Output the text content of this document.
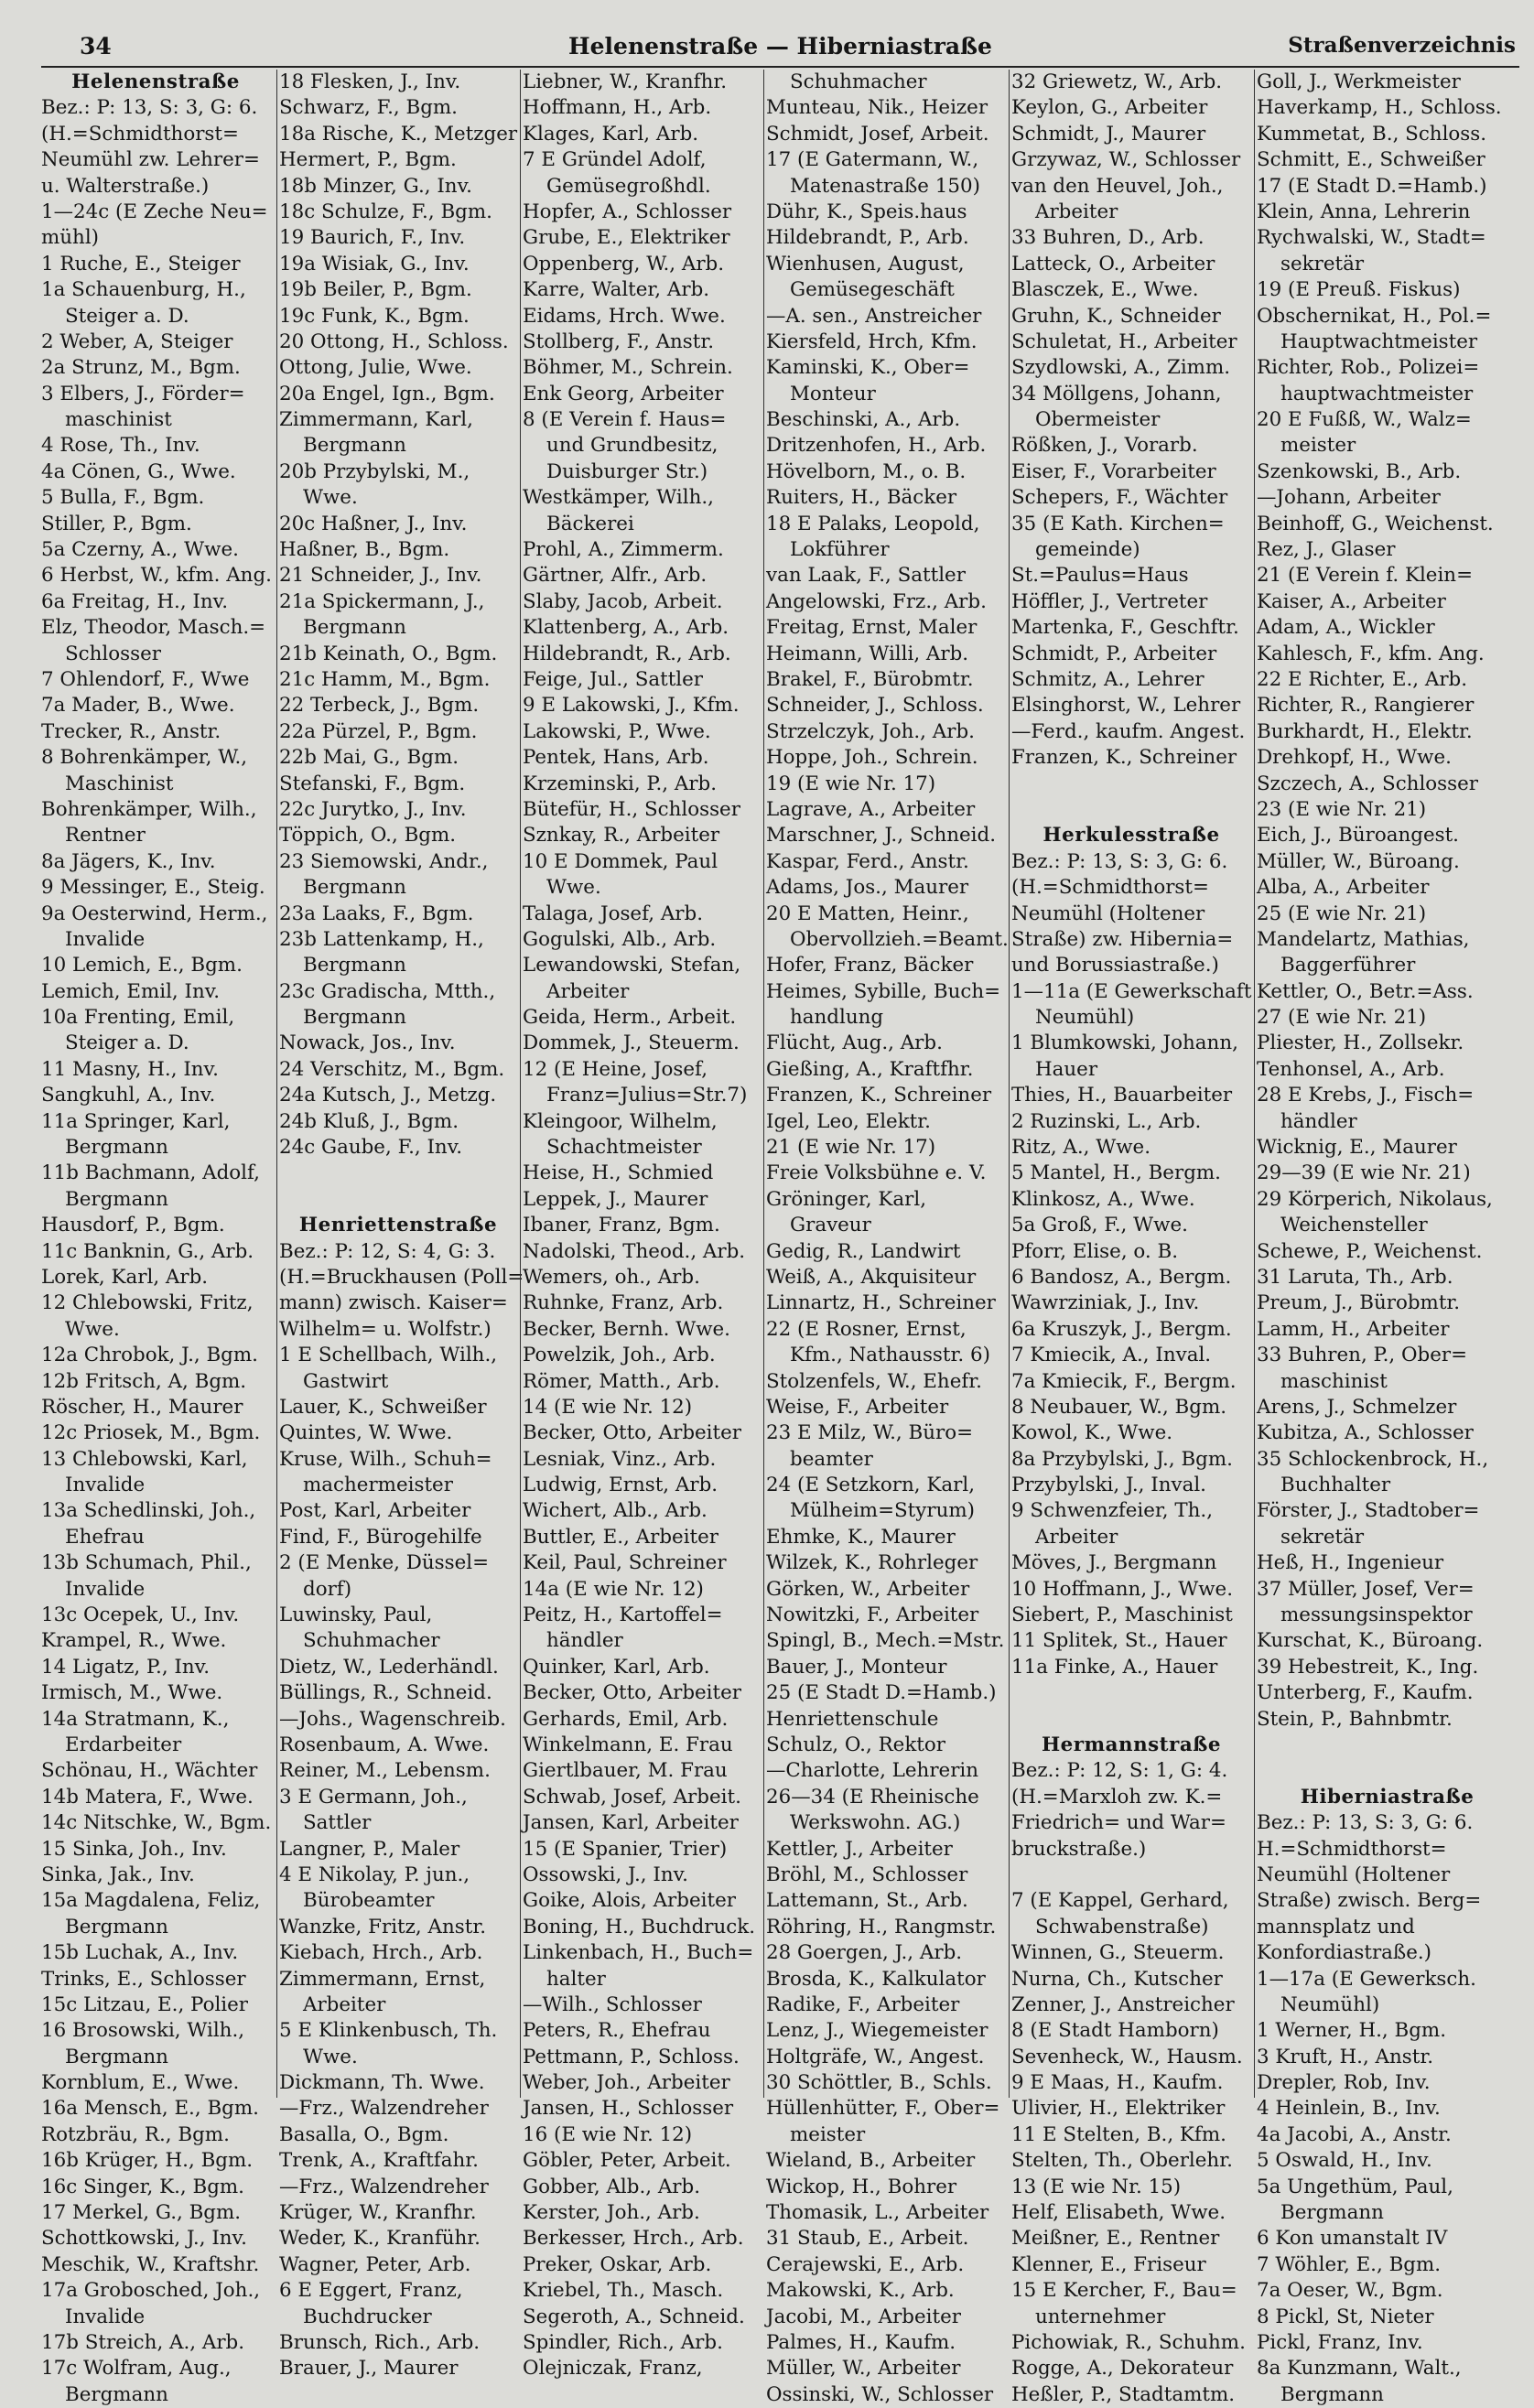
34	Helenenstraße — Hiberniastraße	Straßenverzeichnis
Helenenstraße
Bez.: P: 13, S: 3, G: 6.
(H.=Schmidthorst=
Neumühl zw. Lehrer=
u. Walterstraße.)
1—24c (E Zeche Neu=
mühl)
1 Ruche, E., Steiger
1a Schauenburg, H.,
Steiger a. D.
2 Weber, A, Steiger
2a Strunz, M., Bgm.
3 Elbers, J., Förder=
maschinist
4 Rose, Th., Inv.
4a Cönen, G., Wwe.
5 Bulla, F., Bgm.
Stiller, P., Bgm.
5a Czerny, A., Wwe.
6 Herbst, W., kfm. Ang.
6a Freitag, H., Inv.
Elz, Theodor, Masch.=
Schlosser
7 Ohlendorf, F., Wwe
7a Mader, B., Wwe.
Trecker, R., Anstr.
8 Bohrenkämper, W.,
Maschinist
Bohrenkämper, Wilh.,
Rentner
8a Jägers, K., Inv.
9 Messinger, E., Steig.
9a Oesterwind, Herm.,
Invalide
10 Lemich, E., Bgm.
Lemich, Emil, Inv.
10a Frenting, Emil,
Steiger a. D.
11 Masny, H., Inv.
Sangkuhl, A., Inv.
11a Springer, Karl,
Bergmann
11b Bachmann, Adolf,
Bergmann
Hausdorf, P., Bgm.
11c Banknin, G., Arb.
Lorek, Karl, Arb.
12 Chlebowski, Fritz,
Wwe.
12a Chrobok, J., Bgm.
12b Fritsch, A, Bgm.
Röscher, H., Maurer
12c Priosek, M., Bgm.
13 Chlebowski, Karl,
Invalide
13a Schedlinski, Joh.,
Ehefrau
13b Schumach, Phil.,
Invalide
13c Ocepek, U., Inv.
Krampel, R., Wwe.
14 Ligatz, P., Inv.
Irmisch, M., Wwe.
14a Stratmann, K.,
Erdarbeiter
Schönau, H., Wächter
14b Matera, F., Wwe.
14c Nitschke, W., Bgm.
15 Sinka, Joh., Inv.
Sinka, Jak., Inv.
15a Magdalena, Feliz,
Bergmann
15b Luchak, A., Inv.
Trinks, E., Schlosser
15c Litzau, E., Polier
16 Brosowski, Wilh.,
Bergmann
Kornblum, E., Wwe.
16a Mensch, E., Bgm.
Rotzbräu, R., Bgm.
16b Krüger, H., Bgm.
16c Singer, K., Bgm.
17 Merkel, G., Bgm.
Schottkowski, J., Inv.
Meschik, W., Kraftshr.
17a Grobosched, Joh.,
Invalide
17b Streich, A., Arb.
17c Wolfram, Aug.,
Bergmann
18 Flesken, J., Inv.
Schwarz, F., Bgm.
18a Rische, K., Metzger
Hermert, P., Bgm.
18b Minzer, G., Inv.
18c Schulze, F., Bgm.
19 Baurich, F., Inv.
19a Wisiak, G., Inv.
19b Beiler, P., Bgm.
19c Funk, K., Bgm.
20 Ottong, H., Schloss.
Ottong, Julie, Wwe.
20a Engel, Ign., Bgm.
Zimmermann, Karl,
Bergmann
20b Przybylski, M.,
Wwe.
20c Haßner, J., Inv.
Haßner, B., Bgm.
21 Schneider, J., Inv.
21a Spickermann, J.,
Bergmann
21b Keinath, O., Bgm.
21c Hamm, M., Bgm.
22 Terbeck, J., Bgm.
22a Pürzel, P., Bgm.
22b Mai, G., Bgm.
Stefanski, F., Bgm.
22c Jurytko, J., Inv.
Töppich, O., Bgm.
23 Siemowski, Andr.,
Bergmann
23a Laaks, F., Bgm.
23b Lattenkamp, H.,
Bergmann
23c Gradischa, Mtth.,
Bergmann
Nowack, Jos., Inv.
24 Verschitz, M., Bgm.
24a Kutsch, J., Metzg.
24b Kluß, J., Bgm.
24c Gaube, F., Inv.
Henriettenstraße
Bez.: P: 12, S: 4, G: 3.
(H.=Bruckhausen (Poll=
mann) zwisch. Kaiser=
Wilhelm= u. Wolfstr.)
1 E Schellbach, Wilh.,
Gastwirt
Lauer, K., Schweißer
Quintes, W. Wwe.
Kruse, Wilh., Schuh=
machermeister
Post, Karl, Arbeiter
Find, F., Bürogehilfe
2 (E Menke, Düssel=
dorf)
Luwinsky, Paul,
Schuhmacher
Dietz, W., Lederhändl.
Büllings, R., Schneid.
—Johs., Wagenschreib.
Rosenbaum, A. Wwe.
Reiner, M., Lebensm.
3 E Germann, Joh.,
Sattler
Langner, P., Maler
4 E Nikolay, P. jun.,
Bürobeamter
Wanzke, Fritz, Anstr.
Kiebach, Hrch., Arb.
Zimmermann, Ernst,
Arbeiter
5 E Klinkenbusch, Th.
Wwe.
Dickmann, Th. Wwe.
—Frz., Walzendreher
Basalla, O., Bgm.
Trenk, A., Kraftfahr.
—Frz., Walzendreher
Krüger, W., Kranfhr.
Weder, K., Kranführ.
Wagner, Peter, Arb.
6 E Eggert, Franz,
Buchdrucker
Brunsch, Rich., Arb.
Brauer, J., Maurer
Liebner, W., Kranfhr.
Hoffmann, H., Arb.
Klages, Karl, Arb.
7 E Gründel Adolf,
Gemüsegroßhdl.
Hopfer, A., Schlosser
Grube, E., Elektriker
Oppenberg, W., Arb.
Karre, Walter, Arb.
Eidams, Hrch. Wwe.
Stollberg, F., Anstr.
Böhmer, M., Schrein.
Enk Georg, Arbeiter
8 (E Verein f. Haus=
und Grundbesitz,
Duisburger Str.)
Westkämper, Wilh.,
Bäckerei
Prohl, A., Zimmerm.
Gärtner, Alfr., Arb.
Slaby, Jacob, Arbeit.
Klattenberg, A., Arb.
Hildebrandt, R., Arb.
Feige, Jul., Sattler
9 E Lakowski, J., Kfm.
Lakowski, P., Wwe.
Pentek, Hans, Arb.
Krzeminski, P., Arb.
Bütefür, H., Schlosser
Sznkay, R., Arbeiter
10 E Dommek, Paul
Wwe.
Talaga, Josef, Arb.
Gogulski, Alb., Arb.
Lewandowski, Stefan,
Arbeiter
Geida, Herm., Arbeit.
Dommek, J., Steuerm.
12 (E Heine, Josef,
Franz=Julius=Str.7)
Kleingoor, Wilhelm,
Schachtmeister
Heise, H., Schmied
Leppek, J., Maurer
Ibaner, Franz, Bgm.
Nadolski, Theod., Arb.
Wemers, oh., Arb.
Ruhnke, Franz, Arb.
Becker, Bernh. Wwe.
Powelzik, Joh., Arb.
Römer, Matth., Arb.
14 (E wie Nr. 12)
Becker, Otto, Arbeiter
Lesniak, Vinz., Arb.
Ludwig, Ernst, Arb.
Wichert, Alb., Arb.
Buttler, E., Arbeiter
Keil, Paul, Schreiner
14a (E wie Nr. 12)
Peitz, H., Kartoffel=
händler
Quinker, Karl, Arb.
Becker, Otto, Arbeiter
Gerhards, Emil, Arb.
Winkelmann, E. Frau
Giertlbauer, M. Frau
Schwab, Josef, Arbeit.
Jansen, Karl, Arbeiter
15 (E Spanier, Trier)
Ossowski, J., Inv.
Goike, Alois, Arbeiter
Boning, H., Buchdruck.
Linkenbach, H., Buch=
halter
—Wilh., Schlosser
Peters, R., Ehefrau
Pettmann, P., Schloss.
Weber, Joh., Arbeiter
Jansen, H., Schlosser
16 (E wie Nr. 12)
Göbler, Peter, Arbeit.
Gobber, Alb., Arb.
Kerster, Joh., Arb.
Berkesser, Hrch., Arb.
Preker, Oskar, Arb.
Kriebel, Th., Masch.
Segeroth, A., Schneid.
Spindler, Rich., Arb.
Olejniczak, Franz,
Schuhmacher
Munteau, Nik., Heizer
Schmidt, Josef, Arbeit.
17 (E Gatermann, W.,
Matenastraße 150)
Dühr, K., Speis.haus
Hildebrandt, P., Arb.
Wienhusen, August,
Gemüsegeschäft
—A. sen., Anstreicher
Kiersfeld, Hrch, Kfm.
Kaminski, K., Ober=
Monteur
Beschinski, A., Arb.
Dritzenhofen, H., Arb.
Hövelborn, M., o. B.
Ruiters, H., Bäcker
18 E Palaks, Leopold,
Lokführer
van Laak, F., Sattler
Angelowski, Frz., Arb.
Freitag, Ernst, Maler
Heimann, Willi, Arb.
Brakel, F., Bürobmtr.
Schneider, J., Schloss.
Strzelczyk, Joh., Arb.
Hoppe, Joh., Schrein.
19 (E wie Nr. 17)
Lagrave, A., Arbeiter
Marschner, J., Schneid.
Kaspar, Ferd., Anstr.
Adams, Jos., Maurer
20 E Matten, Heinr.,
Obervollzieh.=Beamt.
Hofer, Franz, Bäcker
Heimes, Sybille, Buch=
handlung
Flücht, Aug., Arb.
Gießing, A., Kraftfhr.
Franzen, K., Schreiner
Igel, Leo, Elektr.
21 (E wie Nr. 17)
Freie Volksbühne e. V.
Gröninger, Karl,
Graveur
Gedig, R., Landwirt
Weiß, A., Akquisiteur
Linnartz, H., Schreiner
22 (E Rosner, Ernst,
Kfm., Nathausstr. 6)
Stolzenfels, W., Ehefr.
Weise, F., Arbeiter
23 E Milz, W., Büro=
beamter
24 (E Setzkorn, Karl,
Mülheim=Styrum)
Ehmke, K., Maurer
Wilzek, K., Rohrleger
Görken, W., Arbeiter
Nowitzki, F., Arbeiter
Spingl, B., Mech.=Mstr.
Bauer, J., Monteur
25 (E Stadt D.=Hamb.)
Henriettenschule
Schulz, O., Rektor
—Charlotte, Lehrerin
26—34 (E Rheinische
Werkswohn. AG.)
Kettler, J., Arbeiter
Bröhl, M., Schlosser
Lattemann, St., Arb.
Röhring, H., Rangmstr.
28 Goergen, J., Arb.
Brosda, K., Kalkulator
Radike, F., Arbeiter
Lenz, J., Wiegemeister
Holtgräfe, W., Angest.
30 Schöttler, B., Schls.
Hüllenhütter, F., Ober=
meister
Wieland, B., Arbeiter
Wickop, H., Bohrer
Thomasik, L., Arbeiter
31 Staub, E., Arbeit.
Cerajewski, E., Arb.
Makowski, K., Arb.
Jacobi, M., Arbeiter
Palmes, H., Kaufm.
Müller, W., Arbeiter
Ossinski, W., Schlosser
32 Griewetz, W., Arb.
Keylon, G., Arbeiter
Schmidt, J., Maurer
Grzywaz, W., Schlosser
van den Heuvel, Joh.,
Arbeiter
33 Buhren, D., Arb.
Latteck, O., Arbeiter
Blasczek, E., Wwe.
Gruhn, K., Schneider
Schuletat, H., Arbeiter
Szydlowski, A., Zimm.
34 Möllgens, Johann,
Obermeister
Rößken, J., Vorarb.
Eiser, F., Vorarbeiter
Schepers, F., Wächter
35 (E Kath. Kirchen=
gemeinde)
St.=Paulus=Haus
Höffler, J., Vertreter
Martenka, F., Geschftr.
Schmidt, P., Arbeiter
Schmitz, A., Lehrer
Elsinghorst, W., Lehrer
—Ferd., kaufm. Angest.
Franzen, K., Schreiner
Herkulesstraße
Bez.: P: 13, S: 3, G: 6.
(H.=Schmidthorst=
Neumühl (Holtener
Straße) zw. Hibernia=
und Borussiastraße.)
1—11a (E Gewerkschaft
Neumühl)
1 Blumkowski, Johann,
Hauer
Thies, H., Bauarbeiter
2 Ruzinski, L., Arb.
Ritz, A., Wwe.
5 Mantel, H., Bergm.
Klinkosz, A., Wwe.
5a Groß, F., Wwe.
Pforr, Elise, o. B.
6 Bandosz, A., Bergm.
Wawrziniak, J., Inv.
6a Kruszyk, J., Bergm.
7 Kmiecik, A., Inval.
7a Kmiecik, F., Bergm.
8 Neubauer, W., Bgm.
Kowol, K., Wwe.
8a Przybylski, J., Bgm.
Przybylski, J., Inval.
9 Schwenzfeier, Th.,
Arbeiter
Möves, J., Bergmann
10 Hoffmann, J., Wwe.
Siebert, P., Maschinist
11 Splitek, St., Hauer
11a Finke, A., Hauer
Hermannstraße
Bez.: P: 12, S: 1, G: 4.
(H.=Marxloh zw. K.=
Friedrich= und War=
bruckstraße.)
7 (E Kappel, Gerhard,
Schwabenstraße)
Winnen, G., Steuerm.
Nurna, Ch., Kutscher
Zenner, J., Anstreicher
8 (E Stadt Hamborn)
Sevenheck, W., Hausm.
9 E Maas, H., Kaufm.
Ulivier, H., Elektriker
11 E Stelten, B., Kfm.
Stelten, Th., Oberlehr.
13 (E wie Nr. 15)
Helf, Elisabeth, Wwe.
Meißner, E., Rentner
Klenner, E., Friseur
15 E Kercher, F., Bau=
unternehmer
Pichowiak, R., Schuhm.
Rogge, A., Dekorateur
Heßler, P., Stadtamtm.
Goll, J., Werkmeister
Haverkamp, H., Schloss.
Kummetat, B., Schloss.
Schmitt, E., Schweißer
17 (E Stadt D.=Hamb.)
Klein, Anna, Lehrerin
Rychwalski, W., Stadt=
sekretär
19 (E Preuß. Fiskus)
Obschernikat, H., Pol.=
Hauptwachtmeister
Richter, Rob., Polizei=
hauptwachtmeister
20 E Fußß, W., Walz=
meister
Szenkowski, B., Arb.
—Johann, Arbeiter
Beinhoff, G., Weichenst.
Rez, J., Glaser
21 (E Verein f. Klein=
Kaiser, A., Arbeiter
Adam, A., Wickler
Kahlesch, F., kfm. Ang.
22 E Richter, E., Arb.
Richter, R., Rangierer
Burkhardt, H., Elektr.
Drehkopf, H., Wwe.
Szczech, A., Schlosser
23 (E wie Nr. 21)
Eich, J., Büroangest.
Müller, W., Büroang.
Alba, A., Arbeiter
25 (E wie Nr. 21)
Mandelartz, Mathias,
Baggerführer
Kettler, O., Betr.=Ass.
27 (E wie Nr. 21)
Pliester, H., Zollsekr.
Tenhonsel, A., Arb.
28 E Krebs, J., Fisch=
händler
Wicknig, E., Maurer
29—39 (E wie Nr. 21)
29 Körperich, Nikolaus,
Weichensteller
Schewe, P., Weichenst.
31 Laruta, Th., Arb.
Preum, J., Bürobmtr.
Lamm, H., Arbeiter
33 Buhren, P., Ober=
maschinist
Arens, J., Schmelzer
Kubitza, A., Schlosser
35 Schlockenbrock, H.,
Buchhalter
Förster, J., Stadtober=
sekretär
Heß, H., Ingenieur
37 Müller, Josef, Ver=
messungsinspektor
Kurschat, K., Büroang.
39 Hebestreit, K., Ing.
Unterberg, F., Kaufm.
Stein, P., Bahnbmtr.
Hiberniastraße
Bez.: P: 13, S: 3, G: 6.
H.=Schmidthorst=
Neumühl (Holtener
Straße) zwisch. Berg=
mannsplatz und
Konfordiastraße.)
1—17a (E Gewerksch.
Neumühl)
1 Werner, H., Bgm.
3 Kruft, H., Anstr.
Drepler, Rob, Inv.
4 Heinlein, B., Inv.
4a Jacobi, A., Anstr.
5 Oswald, H., Inv.
5a Ungethüm, Paul,
Bergmann
6 Kon umanstalt IV
7 Wöhler, E., Bgm.
7a Oeser, W., Bgm.
8 Pickl, St, Nieter
Pickl, Franz, Inv.
8a Kunzmann, Walt.,
Bergmann
